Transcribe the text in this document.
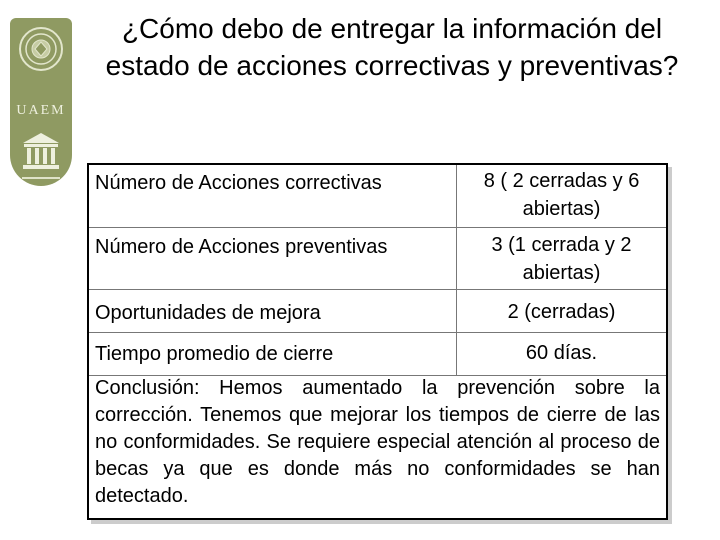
UAEM
¿Cómo debo de entregar la información del estado de acciones correctivas y preventivas?
Número de Acciones correctivas	8 ( 2 cerradas y 6 abiertas)
Número de Acciones preventivas	3 (1 cerrada y 2 abiertas)
Oportunidades de mejora	2 (cerradas)
Tiempo promedio de cierre	60 días.
Conclusión: Hemos aumentado la prevención sobre la corrección. Tenemos que mejorar los tiempos de cierre de las no conformidades. Se requiere especial atención al proceso de becas ya que es donde más no conformidades se han detectado.
